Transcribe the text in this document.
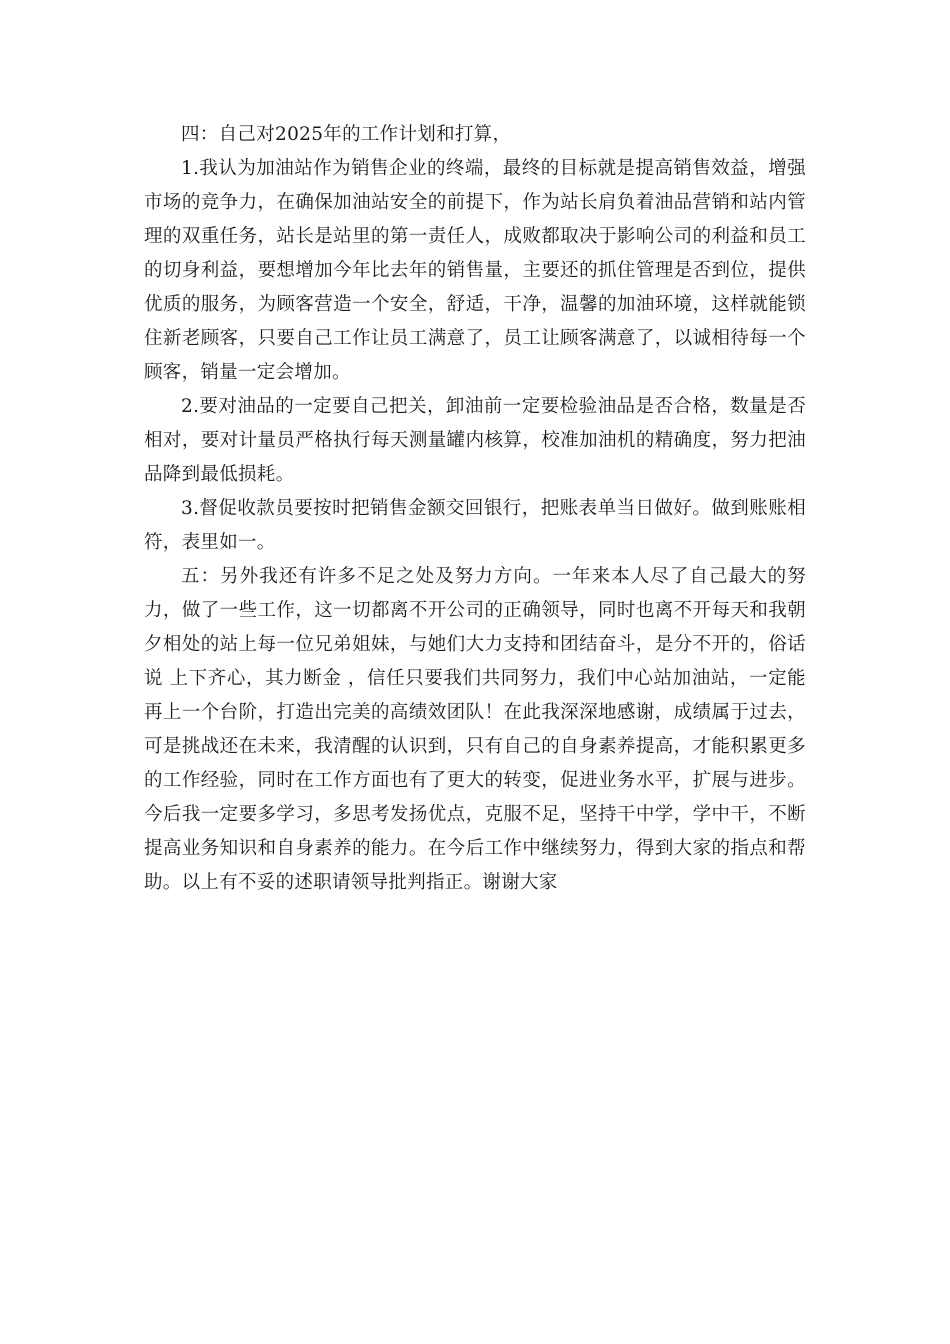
四：自己对2025年的工作计划和打算，

1.我认为加油站作为销售企业的终端，最终的目标就是提高销售效益，增强市场的竞争力，在确保加油站安全的前提下，作为站长肩负着油品营销和站内管理的双重任务，站长是站里的第一责任人，成败都取决于影响公司的利益和员工的切身利益，要想增加今年比去年的销售量，主要还的抓住管理是否到位，提供优质的服务，为顾客营造一个安全，舒适，干净，温馨的加油环境，这样就能锁住新老顾客，只要自己工作让员工满意了，员工让顾客满意了，以诚相待每一个顾客，销量一定会增加。

2.要对油品的一定要自己把关，卸油前一定要检验油品是否合格，数量是否相对，要对计量员严格执行每天测量罐内核算，校准加油机的精确度，努力把油品降到最低损耗。

3.督促收款员要按时把销售金额交回银行，把账表单当日做好。做到账账相符，表里如一。

五：另外我还有许多不足之处及努力方向。一年来本人尽了自己最大的努力，做了一些工作，这一切都离不开公司的正确领导，同时也离不开每天和我朝夕相处的站上每一位兄弟姐妹，与她们大力支持和团结奋斗，是分不开的，俗话说 上下齐心，其力断金 ，信任只要我们共同努力，我们中心站加油站，一定能再上一个台阶，打造出完美的高绩效团队！在此我深深地感谢，成绩属于过去，可是挑战还在未来，我清醒的认识到，只有自己的自身素养提高，才能积累更多的工作经验，同时在工作方面也有了更大的转变，促进业务水平，扩展与进步。今后我一定要多学习，多思考发扬优点，克服不足，坚持干中学，学中干，不断提高业务知识和自身素养的能力。在今后工作中继续努力，得到大家的指点和帮助。以上有不妥的述职请领导批判指正。谢谢大家
